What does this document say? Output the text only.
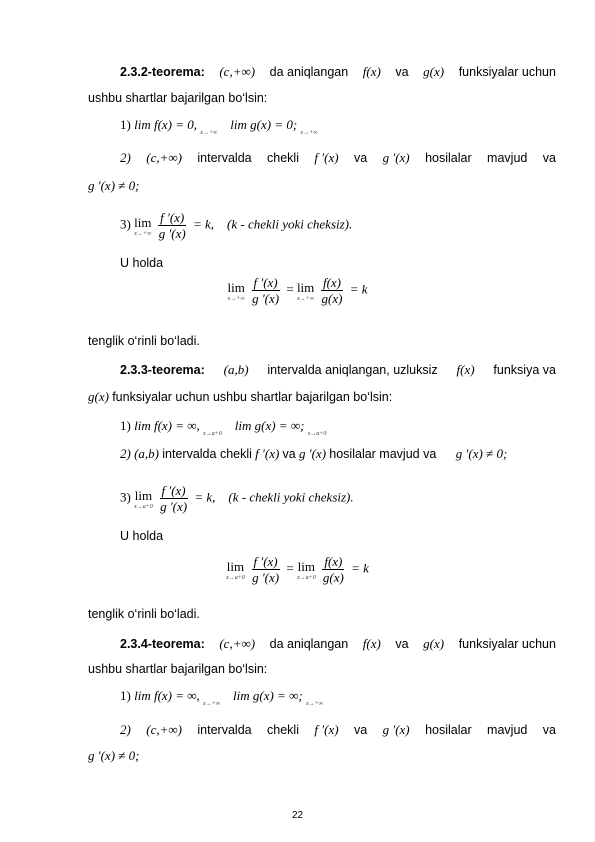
2.3.2-teorema: (c,+∞) da aniqlangan f(x) va g(x) funksiyalar uchun
ushbu shartlar bajarilgan bo‘lsin:
1) lim f(x) = 0, $_{x\to+\infty}$    lim g(x) = 0; $_{x\to+\infty}$
2) (c,+∞) intervalda chekli f ′(x) va g ′(x) hosilalar mavjud va
g ′(x) ≠ 0;
3) lim
x→+∞
$\frac{f '(x)}{g '(x)} = k$, (k - chekli yoki cheksiz).
U holda
lim
x→+∞
$\frac{f '(x)}{g '(x)} = \lim$
x→+∞
$\frac{f(x)}{g(x)} = k$
tenglik o‘rinli bo‘ladi.
2.3.3-teorema: (a,b) intervalda aniqlangan, uzluksiz f(x) funksiya va
g(x) funksiyalar uchun ushbu shartlar bajarilgan bo‘lsin:
1) lim f(x) = ∞, $_{x\to a+0}$    lim g(x) = ∞; $_{x\to a+0}$
2) (a,b) intervalda chekli f ′(x) va g ′(x) hosilalar mavjud va g ′(x) ≠ 0;
3) lim
x→a+0
$\frac{f '(x)}{g '(x)} = k$, (k - chekli yoki cheksiz).
U holda
lim
x→a+0
$\frac{f '(x)}{g '(x)} = \lim$
x→a+0
$\frac{f(x)}{g(x)} = k$
tenglik o‘rinli bo‘ladi.
2.3.4-teorema: (c,+∞) da aniqlangan f(x) va g(x) funksiyalar uchun
ushbu shartlar bajarilgan bo‘lsin:
1) lim f(x) = ∞, $_{x\to+\infty}$    lim g(x) = ∞; $_{x\to+\infty}$
2) (c,+∞) intervalda chekli f ′(x) va g ′(x) hosilalar mavjud va
g ′(x) ≠ 0;
22
